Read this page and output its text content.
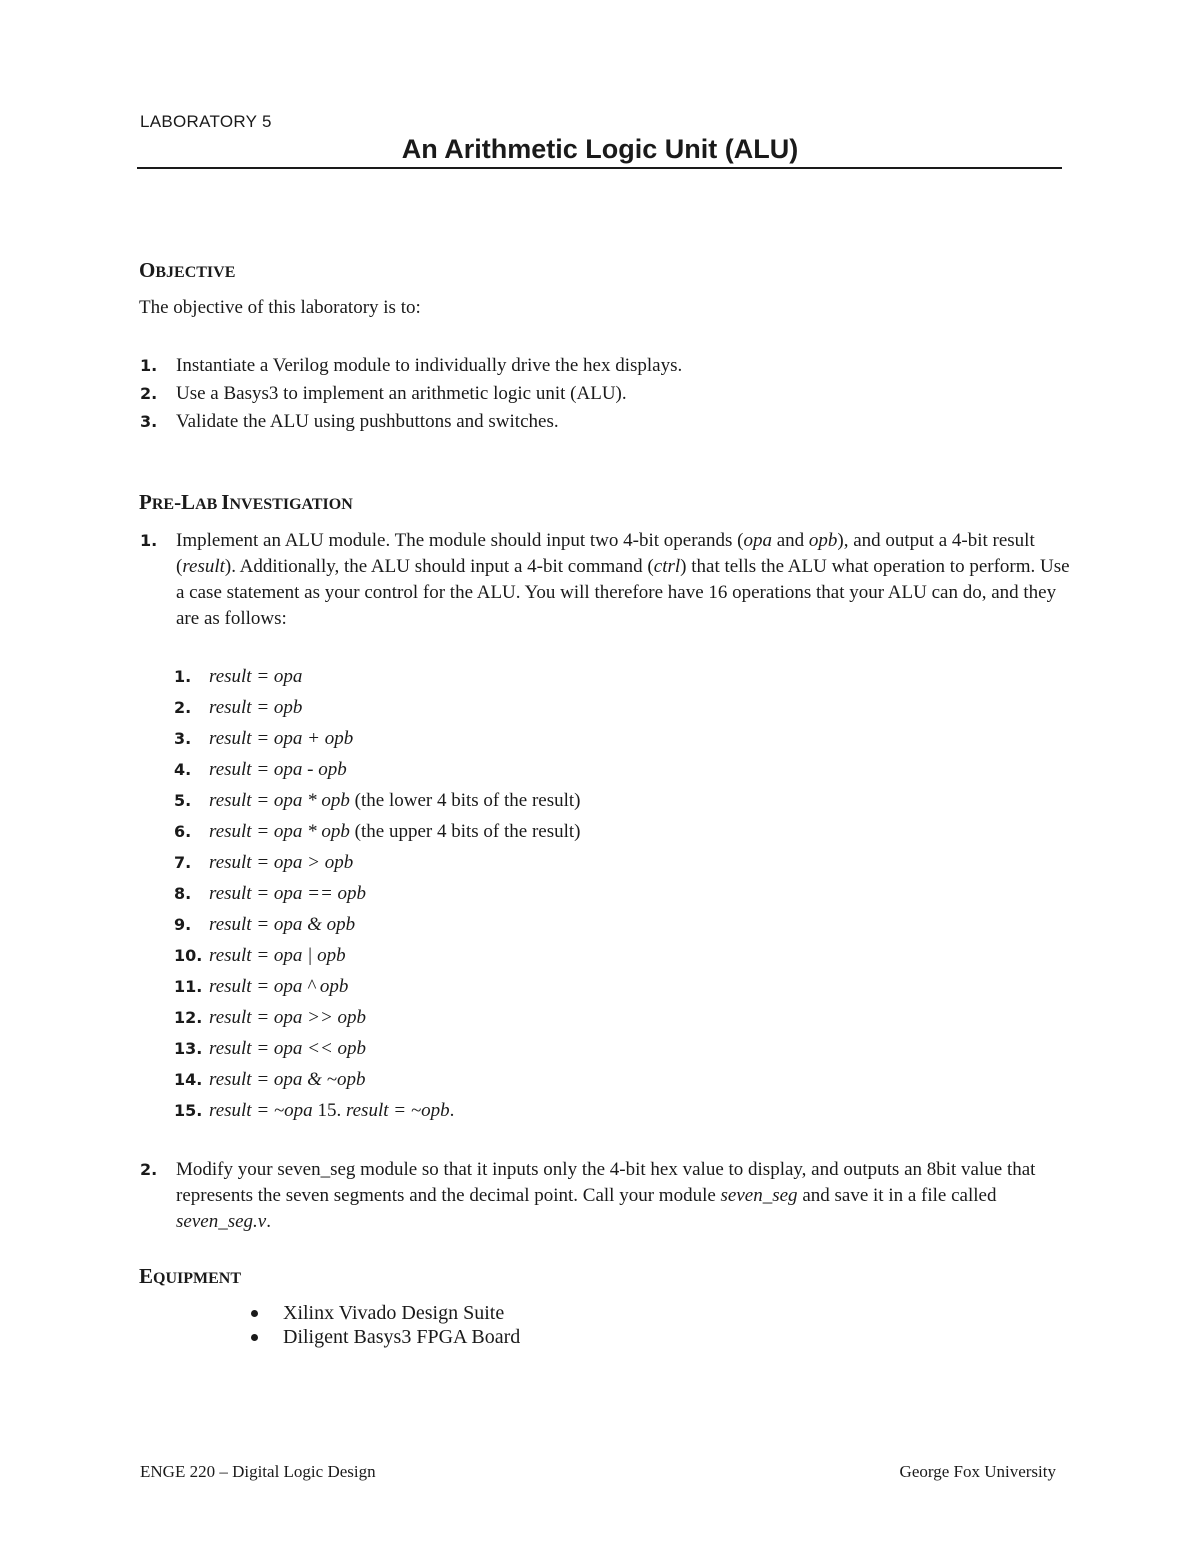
LABORATORY 5
An Arithmetic Logic Unit (ALU)
OBJECTIVE
The objective of this laboratory is to:
1. Instantiate a Verilog module to individually drive the hex displays.
2. Use a Basys3 to implement an arithmetic logic unit (ALU).
3. Validate the ALU using pushbuttons and switches.
PRE-LAB INVESTIGATION
1. Implement an ALU module. The module should input two 4-bit operands (opa and opb), and output a 4-bit result (result). Additionally, the ALU should input a 4-bit command (ctrl) that tells the ALU what operation to perform. Use a case statement as your control for the ALU. You will therefore have 16 operations that your ALU can do, and they are as follows:
1. result = opa
2. result = opb
3. result = opa + opb
4. result = opa - opb
5. result = opa * opb (the lower 4 bits of the result)
6. result = opa * opb (the upper 4 bits of the result)
7. result = opa > opb
8. result = opa == opb
9. result = opa & opb
10. result = opa | opb
11. result = opa ^ opb
12. result = opa >> opb
13. result = opa << opb
14. result = opa & ~opb
15. result = ~opa 15. result = ~opb.
2. Modify your seven_seg module so that it inputs only the 4-bit hex value to display, and outputs an 8bit value that represents the seven segments and the decimal point. Call your module seven_seg and save it in a file called seven_seg.v.
EQUIPMENT
Xilinx Vivado Design Suite
Diligent Basys3 FPGA Board
ENGE 220 – Digital Logic Design	George Fox University
